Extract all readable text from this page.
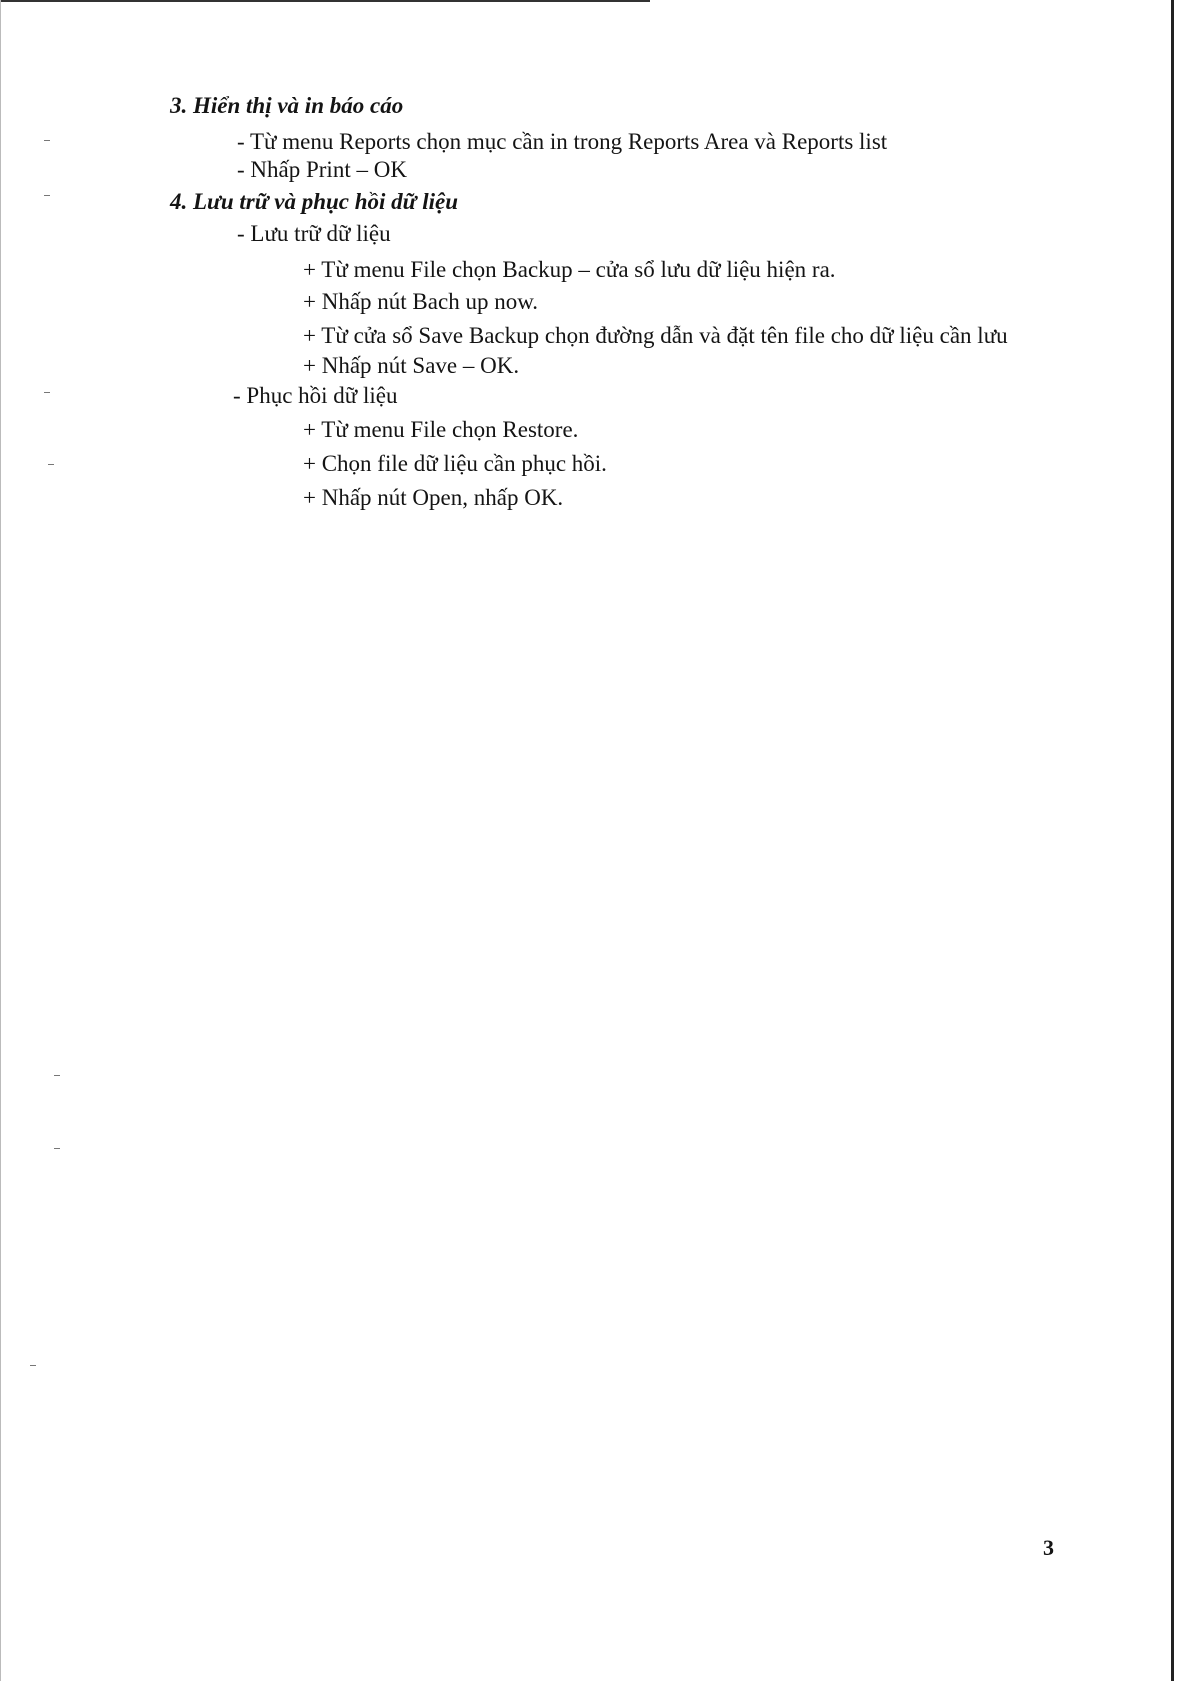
3. Hiển thị và in báo cáo
- Từ menu Reports chọn mục cần in trong Reports Area và Reports list
- Nhấp Print – OK
4. Lưu trữ và phục hồi dữ liệu
- Lưu trữ dữ liệu
+ Từ menu File chọn Backup – cửa sổ lưu dữ liệu hiện ra.
+ Nhấp nút Bach up now.
+ Từ cửa sổ Save Backup chọn đường dẫn và đặt tên file cho dữ liệu cần lưu
+ Nhấp nút Save – OK.
- Phục hồi dữ liệu
+ Từ menu File chọn Restore.
+ Chọn file dữ liệu cần phục hồi.
+ Nhấp nút Open, nhấp OK.
3
